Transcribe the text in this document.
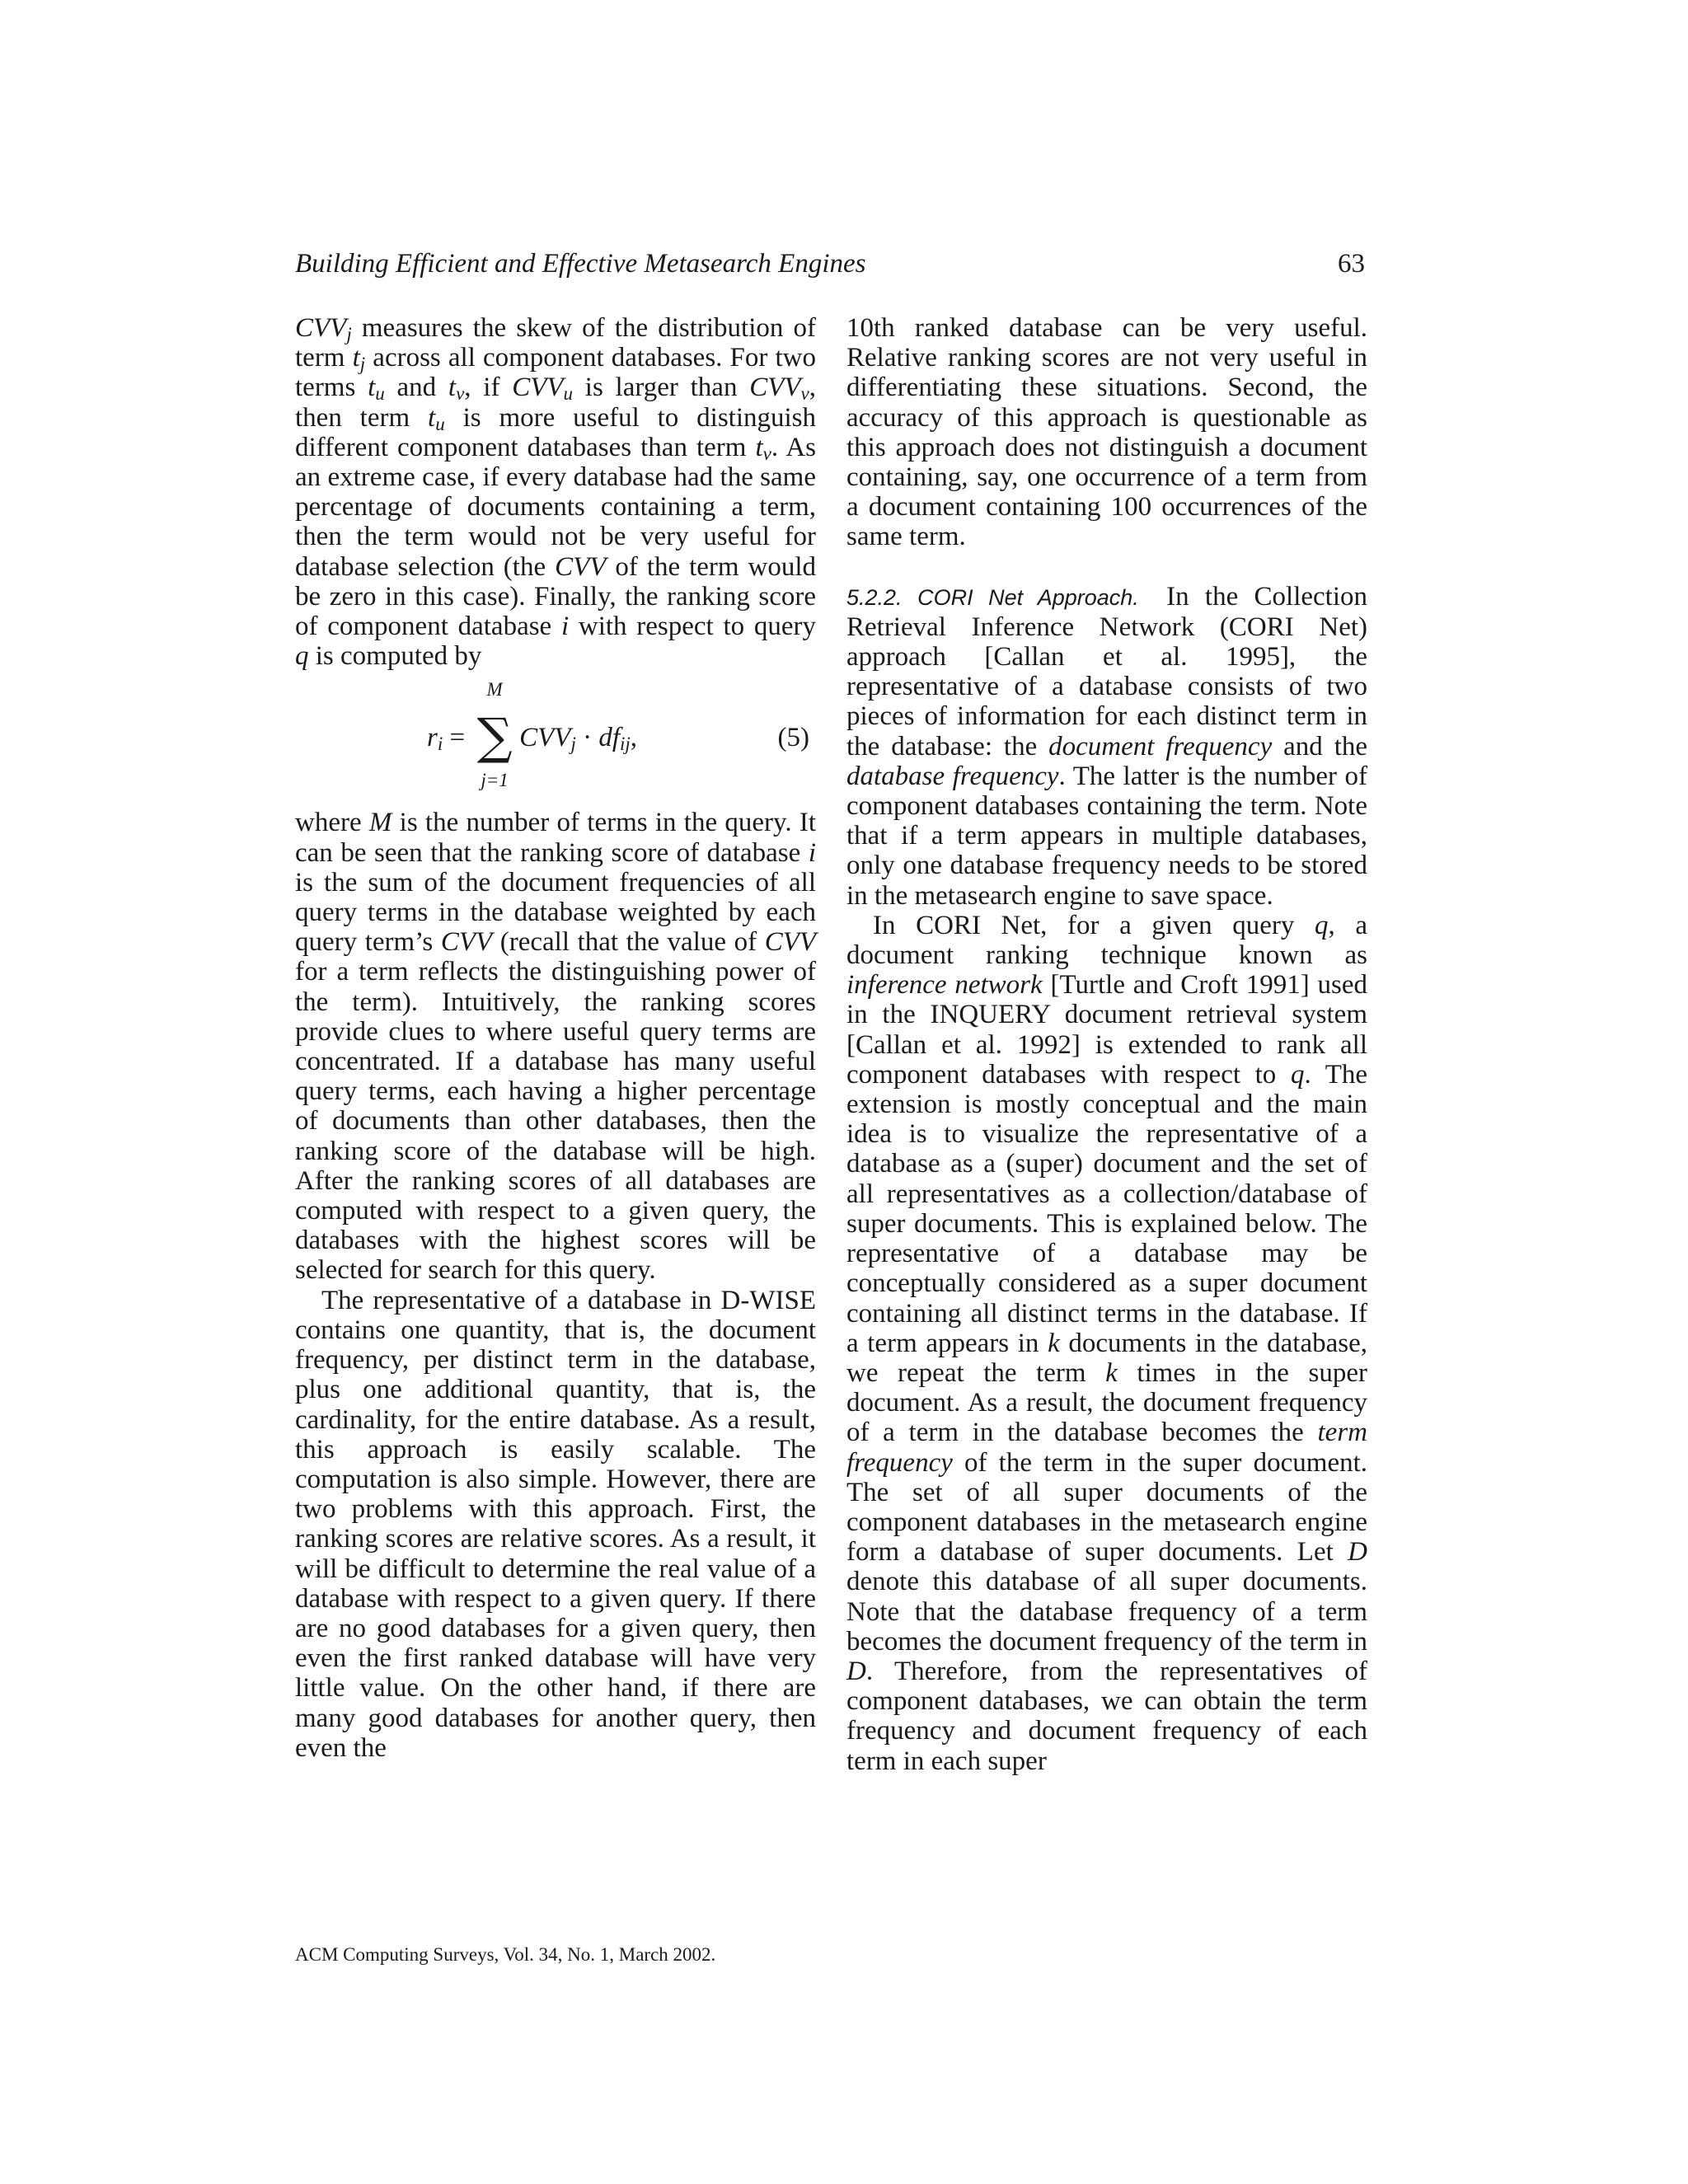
Building Efficient and Effective Metasearch Engines	63

$CVV_j$ measures the skew of the distribution of term $t_j$ across all component databases. For two terms $t_u$ and $t_v$, if $CVV_u$ is larger than $CVV_v$, then term $t_u$ is more useful to distinguish different component databases than term $t_v$. As an extreme case, if every database had the same percentage of documents containing a term, then the term would not be very useful for database selection (the CVV of the term would be zero in this case). Finally, the ranking score of component database i with respect to query q is computed by

$r_i$ =
M
∑
j=1
$CVV_j \cdot df_{ij}$,	(5)

where M is the number of terms in the query. It can be seen that the ranking score of database i is the sum of the document frequencies of all query terms in the database weighted by each query term’s CVV (recall that the value of CVV for a term reflects the distinguishing power of the term). Intuitively, the ranking scores provide clues to where useful query terms are concentrated. If a database has many useful query terms, each having a higher percentage of documents than other databases, then the ranking score of the database will be high. After the ranking scores of all databases are computed with respect to a given query, the databases with the highest scores will be selected for search for this query.

The representative of a database in D-WISE contains one quantity, that is, the document frequency, per distinct term in the database, plus one additional quantity, that is, the cardinality, for the entire database. As a result, this approach is easily scalable. The computation is also simple. However, there are two problems with this approach. First, the ranking scores are relative scores. As a result, it will be difficult to determine the real value of a database with respect to a given query. If there are no good databases for a given query, then even the first ranked database will have very little value. On the other hand, if there are many good databases for another query, then even the

10th ranked database can be very useful. Relative ranking scores are not very useful in differentiating these situations. Second, the accuracy of this approach is questionable as this approach does not distinguish a document containing, say, one occurrence of a term from a document containing 100 occurrences of the same term.

5.2.2. CORI Net Approach. In the Collection Retrieval Inference Network (CORI Net) approach [Callan et al. 1995], the representative of a database consists of two pieces of information for each distinct term in the database: the document frequency and the database frequency. The latter is the number of component databases containing the term. Note that if a term appears in multiple databases, only one database frequency needs to be stored in the metasearch engine to save space.

In CORI Net, for a given query q, a document ranking technique known as inference network [Turtle and Croft 1991] used in the INQUERY document retrieval system [Callan et al. 1992] is extended to rank all component databases with respect to q. The extension is mostly conceptual and the main idea is to visualize the representative of a database as a (super) document and the set of all representatives as a collection/database of super documents. This is explained below. The representative of a database may be conceptually considered as a super document containing all distinct terms in the database. If a term appears in k documents in the database, we repeat the term k times in the super document. As a result, the document frequency of a term in the database becomes the term frequency of the term in the super document. The set of all super documents of the component databases in the metasearch engine form a database of super documents. Let D denote this database of all super documents. Note that the database frequency of a term becomes the document frequency of the term in D. Therefore, from the representatives of component databases, we can obtain the term frequency and document frequency of each term in each super

ACM Computing Surveys, Vol. 34, No. 1, March 2002.
